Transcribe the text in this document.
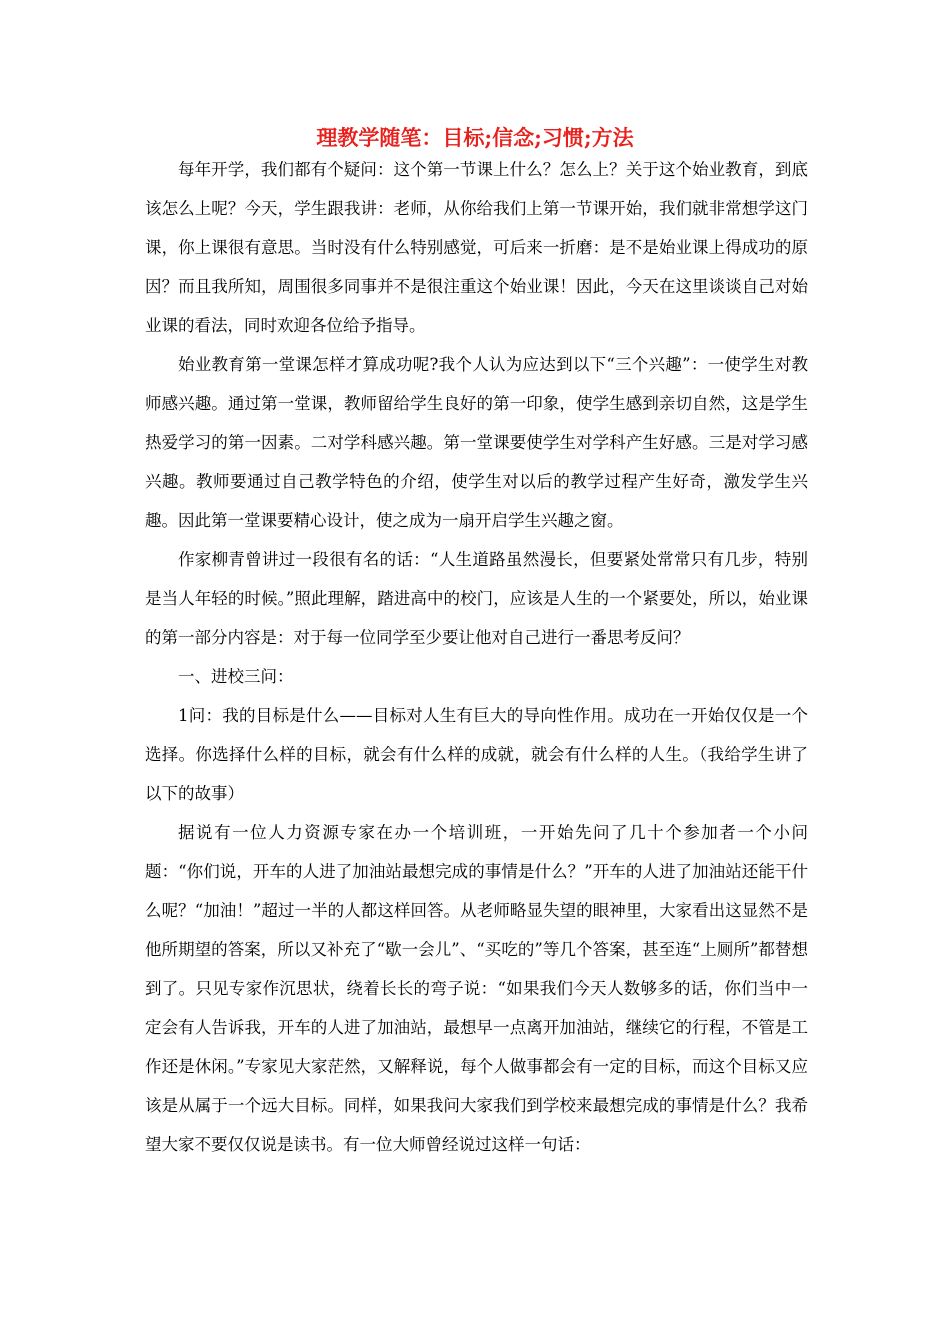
理教学随笔：目标;信念;习惯;方法

每年开学，我们都有个疑问：这个第一节课上什么？怎么上？关于这个始业教育，到底该怎么上呢？今天，学生跟我讲：老师，从你给我们上第一节课开始，我们就非常想学这门课，你上课很有意思。当时没有什么特别感觉，可后来一折磨：是不是始业课上得成功的原因？而且我所知，周围很多同事并不是很注重这个始业课！因此，今天在这里谈谈自己对始业课的看法，同时欢迎各位给予指导。

始业教育第一堂课怎样才算成功呢?我个人认为应达到以下“三个兴趣”：一使学生对教师感兴趣。通过第一堂课，教师留给学生良好的第一印象，使学生感到亲切自然，这是学生热爱学习的第一因素。二对学科感兴趣。第一堂课要使学生对学科产生好感。三是对学习感兴趣。教师要通过自己教学特色的介绍，使学生对以后的教学过程产生好奇，激发学生兴趣。因此第一堂课要精心设计，使之成为一扇开启学生兴趣之窗。

作家柳青曾讲过一段很有名的话：“人生道路虽然漫长，但要紧处常常只有几步，特别是当人年轻的时候。”照此理解，踏进高中的校门，应该是人生的一个紧要处，所以，始业课的第一部分内容是：对于每一位同学至少要让他对自己进行一番思考反问？

一、进校三问：

1问：我的目标是什么——目标对人生有巨大的导向性作用。成功在一开始仅仅是一个选择。你选择什么样的目标，就会有什么样的成就，就会有什么样的人生。（我给学生讲了以下的故事）

据说有一位人力资源专家在办一个培训班，一开始先问了几十个参加者一个小问题：“你们说，开车的人进了加油站最想完成的事情是什么？”开车的人进了加油站还能干什么呢？“加油！”超过一半的人都这样回答。从老师略显失望的眼神里，大家看出这显然不是他所期望的答案，所以又补充了“歇一会儿”、“买吃的”等几个答案，甚至连“上厕所”都替想到了。只见专家作沉思状，绕着长长的弯子说：“如果我们今天人数够多的话，你们当中一定会有人告诉我，开车的人进了加油站，最想早一点离开加油站，继续它的行程，不管是工作还是休闲。”专家见大家茫然，又解释说，每个人做事都会有一定的目标，而这个目标又应该是从属于一个远大目标。同样，如果我问大家我们到学校来最想完成的事情是什么？我希望大家不要仅仅说是读书。有一位大师曾经说过这样一句话：
